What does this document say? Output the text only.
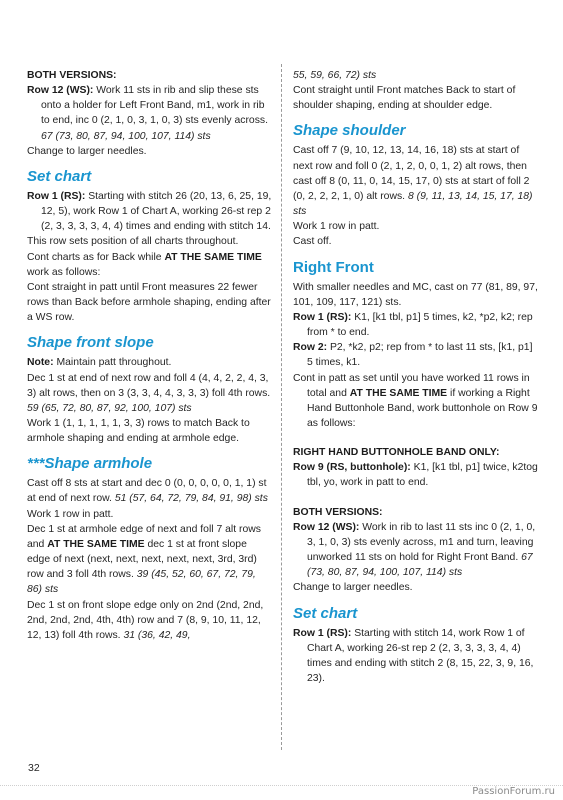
BOTH VERSIONS:

Row 12 (WS): Work 11 sts in rib and slip these sts onto a holder for Left Front Band, m1, work in rib to end, inc 0 (2, 1, 0, 3, 1, 0, 3) sts evenly across. 67 (73, 80, 87, 94, 100, 107, 114) sts

Change to larger needles.

Set chart

Row 1 (RS): Starting with stitch 26 (20, 13, 6, 25, 19, 12, 5), work Row 1 of Chart A, working 26-st rep 2 (2, 3, 3, 3, 3, 4, 4) times and ending with stitch 14.

This row sets position of all charts throughout.

Cont charts as for Back while AT THE SAME TIME work as follows:

Cont straight in patt until Front measures 22 fewer rows than Back before armhole shaping, ending after a WS row.

Shape front slope

Note: Maintain patt throughout.

Dec 1 st at end of next row and foll 4 (4, 4, 2, 2, 4, 3, 3) alt rows, then on 3 (3, 3, 4, 4, 3, 3, 3) foll 4th rows. 59 (65, 72, 80, 87, 92, 100, 107) sts

Work 1 (1, 1, 1, 1, 1, 3, 3) rows to match Back to armhole shaping and ending at armhole edge.

***Shape armhole

Cast off 8 sts at start and dec 0 (0, 0, 0, 0, 0, 1, 1) st at end of next row. 51 (57, 64, 72, 79, 84, 91, 98) sts

Work 1 row in patt.

Dec 1 st at armhole edge of next and foll 7 alt rows and AT THE SAME TIME dec 1 st at front slope edge of next (next, next, next, next, next, 3rd, 3rd) row and 3 foll 4th rows. 39 (45, 52, 60, 67, 72, 79, 86) sts

Dec 1 st on front slope edge only on 2nd (2nd, 2nd, 2nd, 2nd, 2nd, 4th, 4th) row and 7 (8, 9, 10, 11, 12, 12, 13) foll 4th rows. 31 (36, 42, 49,

55, 59, 66, 72) sts

Cont straight until Front matches Back to start of shoulder shaping, ending at shoulder edge.

Shape shoulder

Cast off 7 (9, 10, 12, 13, 14, 16, 18) sts at start of next row and foll 0 (2, 1, 2, 0, 0, 1, 2) alt rows, then cast off 8 (0, 11, 0, 14, 15, 17, 0) sts at start of foll 2 (0, 2, 2, 2, 1, 0) alt rows. 8 (9, 11, 13, 14, 15, 17, 18) sts

Work 1 row in patt.

Cast off.

Right Front

With smaller needles and MC, cast on 77 (81, 89, 97, 101, 109, 117, 121) sts.

Row 1 (RS): K1, [k1 tbl, p1] 5 times, k2, *p2, k2; rep from * to end.

Row 2: P2, *k2, p2; rep from * to last 11 sts, [k1, p1] 5 times, k1.

Cont in patt as set until you have worked 11 rows in total and AT THE SAME TIME if working a Right Hand Buttonhole Band, work buttonhole on Row 9 as follows:

RIGHT HAND BUTTONHOLE BAND ONLY:

Row 9 (RS, buttonhole): K1, [k1 tbl, p1] twice, k2tog tbl, yo, work in patt to end.

BOTH VERSIONS:

Row 12 (WS): Work in rib to last 11 sts inc 0 (2, 1, 0, 3, 1, 0, 3) sts evenly across, m1 and turn, leaving unworked 11 sts on hold for Right Front Band. 67 (73, 80, 87, 94, 100, 107, 114) sts

Change to larger needles.

Set chart

Row 1 (RS): Starting with stitch 14, work Row 1 of Chart A, working 26-st rep 2 (2, 3, 3, 3, 3, 4, 4) times and ending with stitch 2 (8, 15, 22, 3, 9, 16, 23).

32
PassionForum.ru
